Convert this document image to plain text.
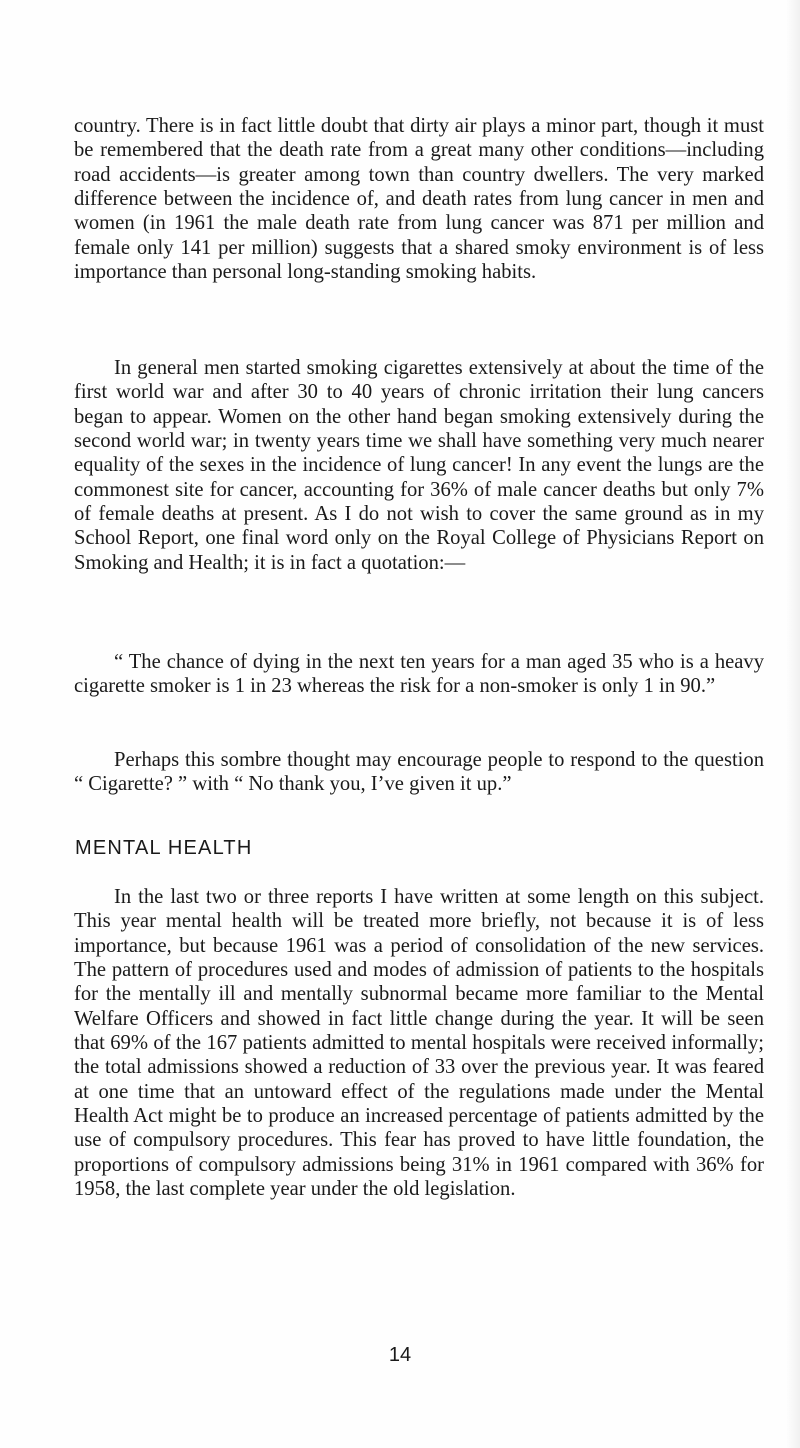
country. There is in fact little doubt that dirty air plays a minor part, though it must be remembered that the death rate from a great many other conditions—including road accidents—is greater among town than country dwellers. The very marked difference between the incidence of, and death rates from lung cancer in men and women (in 1961 the male death rate from lung cancer was 871 per million and female only 141 per million) suggests that a shared smoky environment is of less importance than personal long-standing smoking habits.

In general men started smoking cigarettes extensively at about the time of the first world war and after 30 to 40 years of chronic irritation their lung cancers began to appear. Women on the other hand began smoking extensively during the second world war; in twenty years time we shall have something very much nearer equality of the sexes in the incidence of lung cancer! In any event the lungs are the commonest site for cancer, accounting for 36% of male cancer deaths but only 7% of female deaths at present. As I do not wish to cover the same ground as in my School Report, one final word only on the Royal College of Physicians Report on Smoking and Health; it is in fact a quotation:—

“ The chance of dying in the next ten years for a man aged 35 who is a heavy cigarette smoker is 1 in 23 whereas the risk for a non-smoker is only 1 in 90.”

Perhaps this sombre thought may encourage people to respond to the question “ Cigarette? ” with “ No thank you, I’ve given it up.”

MENTAL HEALTH

In the last two or three reports I have written at some length on this subject. This year mental health will be treated more briefly, not because it is of less importance, but because 1961 was a period of consolidation of the new services. The pattern of procedures used and modes of admission of patients to the hospitals for the mentally ill and mentally subnormal became more familiar to the Mental Welfare Officers and showed in fact little change during the year. It will be seen that 69% of the 167 patients admitted to mental hospitals were received informally; the total admissions showed a reduction of 33 over the previous year. It was feared at one time that an untoward effect of the regulations made under the Mental Health Act might be to produce an increased percentage of patients admitted by the use of compulsory procedures. This fear has proved to have little foundation, the proportions of compulsory admissions being 31% in 1961 compared with 36% for 1958, the last complete year under the old legislation.

14
